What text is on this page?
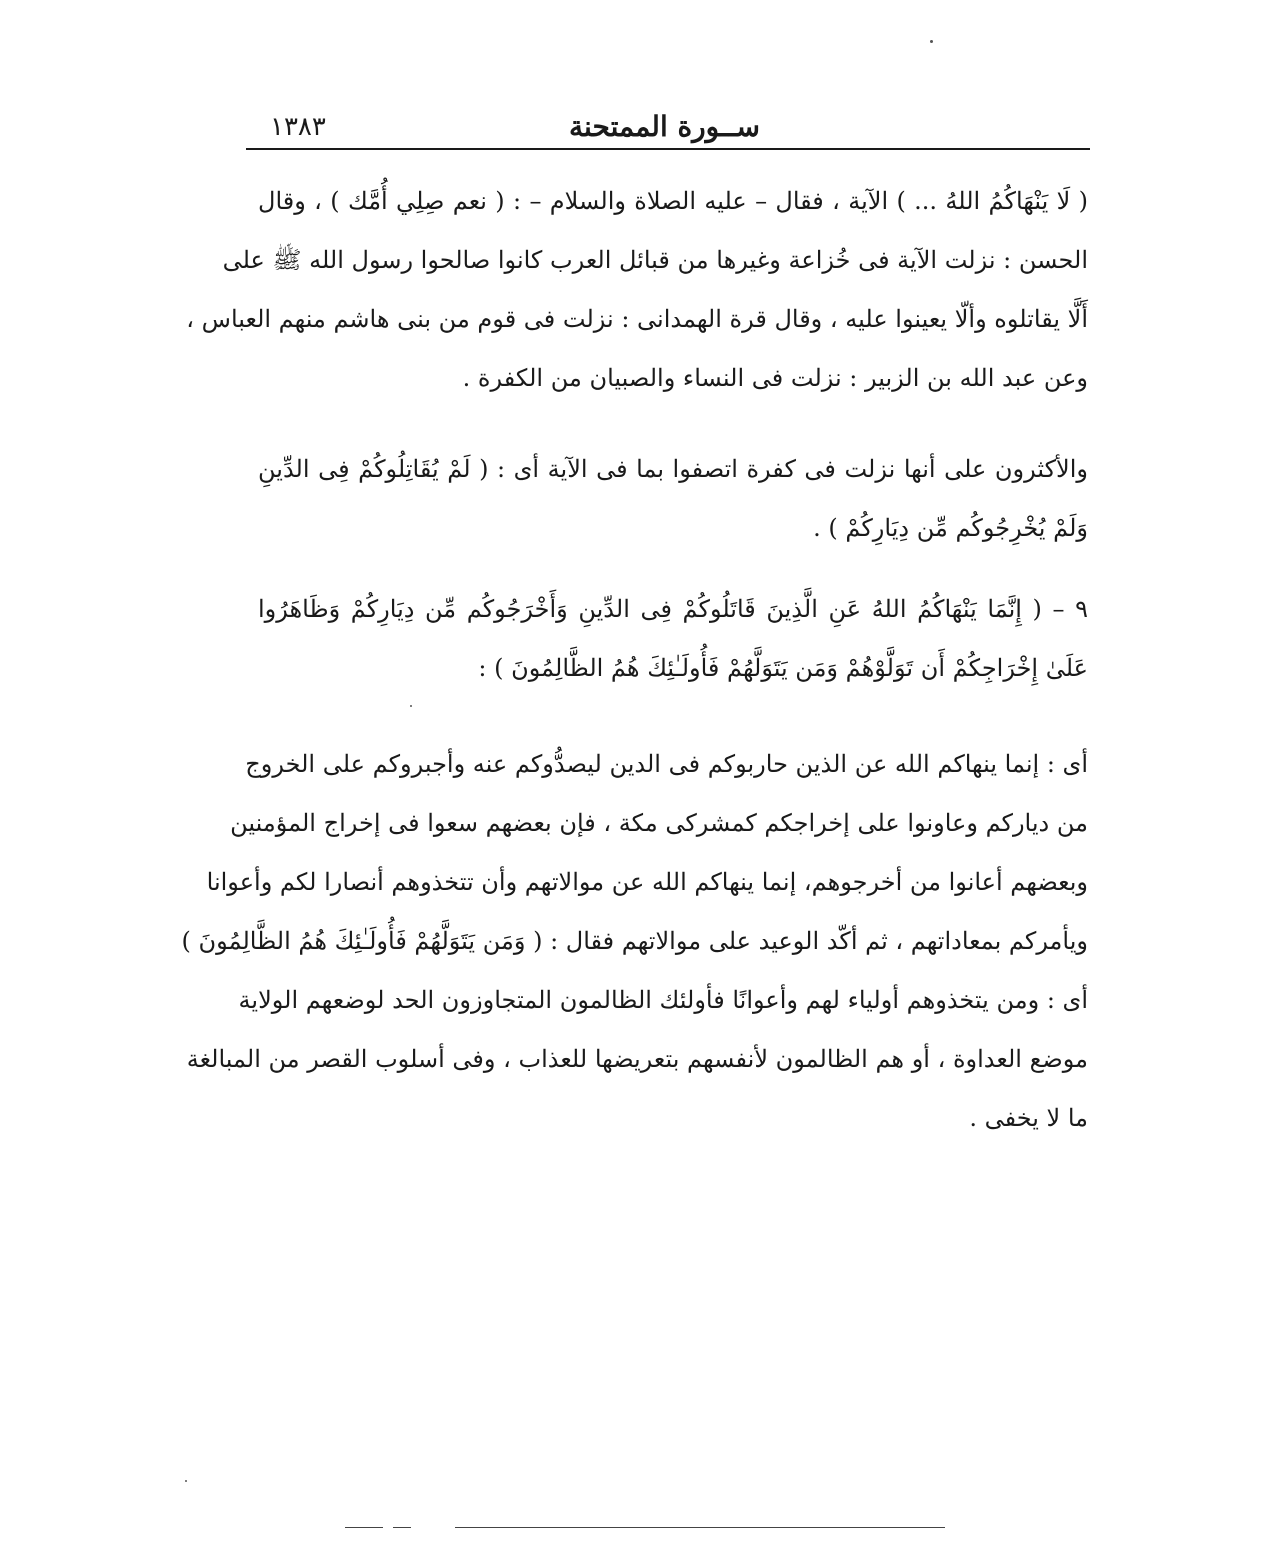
ســورة الممتحنة
١٣٨٣
( لَا يَنْهَاكُمُ اللهُ ... ) الآية ، فقال – عليه الصلاة والسلام – : ( نعم صِلِي أُمَّك ) ، وقال
الحسن : نزلت الآية فى خُزاعة وغيرها من قبائل العرب كانوا صالحوا رسول الله ﷺ على
أَلَّا يقاتلوه وألّا يعينوا عليه ، وقال قرة الهمدانى : نزلت فى قوم من بنى هاشم منهم العباس ،
وعن عبد الله بن الزبير : نزلت فى النساء والصبيان من الكفرة .
والأكثرون على أنها نزلت فى كفرة اتصفوا بما فى الآية أى : ( لَمْ يُقَاتِلُوكُمْ فِى الدِّينِ
وَلَمْ يُخْرِجُوكُم مِّن دِيَارِكُمْ ) .
٩ – ( إِنَّمَا يَنْهَاكُمُ اللهُ عَنِ الَّذِينَ قَاتَلُوكُمْ فِى الدِّينِ وَأَخْرَجُوكُم مِّن دِيَارِكُمْ وَظَاهَرُوا
عَلَىٰ إِخْرَاجِكُمْ أَن تَوَلَّوْهُمْ وَمَن يَتَوَلَّهُمْ فَأُولَـٰئِكَ هُمُ الظَّالِمُونَ ) :
أى : إنما ينهاكم الله عن الذين حاربوكم فى الدين ليصدُّوكم عنه وأجبروكم على الخروج
من دياركم وعاونوا على إخراجكم كمشركى مكة ، فإن بعضهم سعوا فى إخراج المؤمنين
وبعضهم أعانوا من أخرجوهم، إنما ينهاكم الله عن موالاتهم وأن تتخذوهم أنصارا لكم وأعوانا
ويأمركم بمعاداتهم ، ثم أكّد الوعيد على موالاتهم فقال : ( وَمَن يَتَوَلَّهُمْ فَأُولَـٰئِكَ هُمُ الظَّالِمُونَ )
أى : ومن يتخذوهم أولياء لهم وأعوانًا فأولئك الظالمون المتجاوزون الحد لوضعهم الولاية
موضع العداوة ، أو هم الظالمون لأنفسهم بتعريضها للعذاب ، وفى أسلوب القصر من المبالغة
ما لا يخفى .
